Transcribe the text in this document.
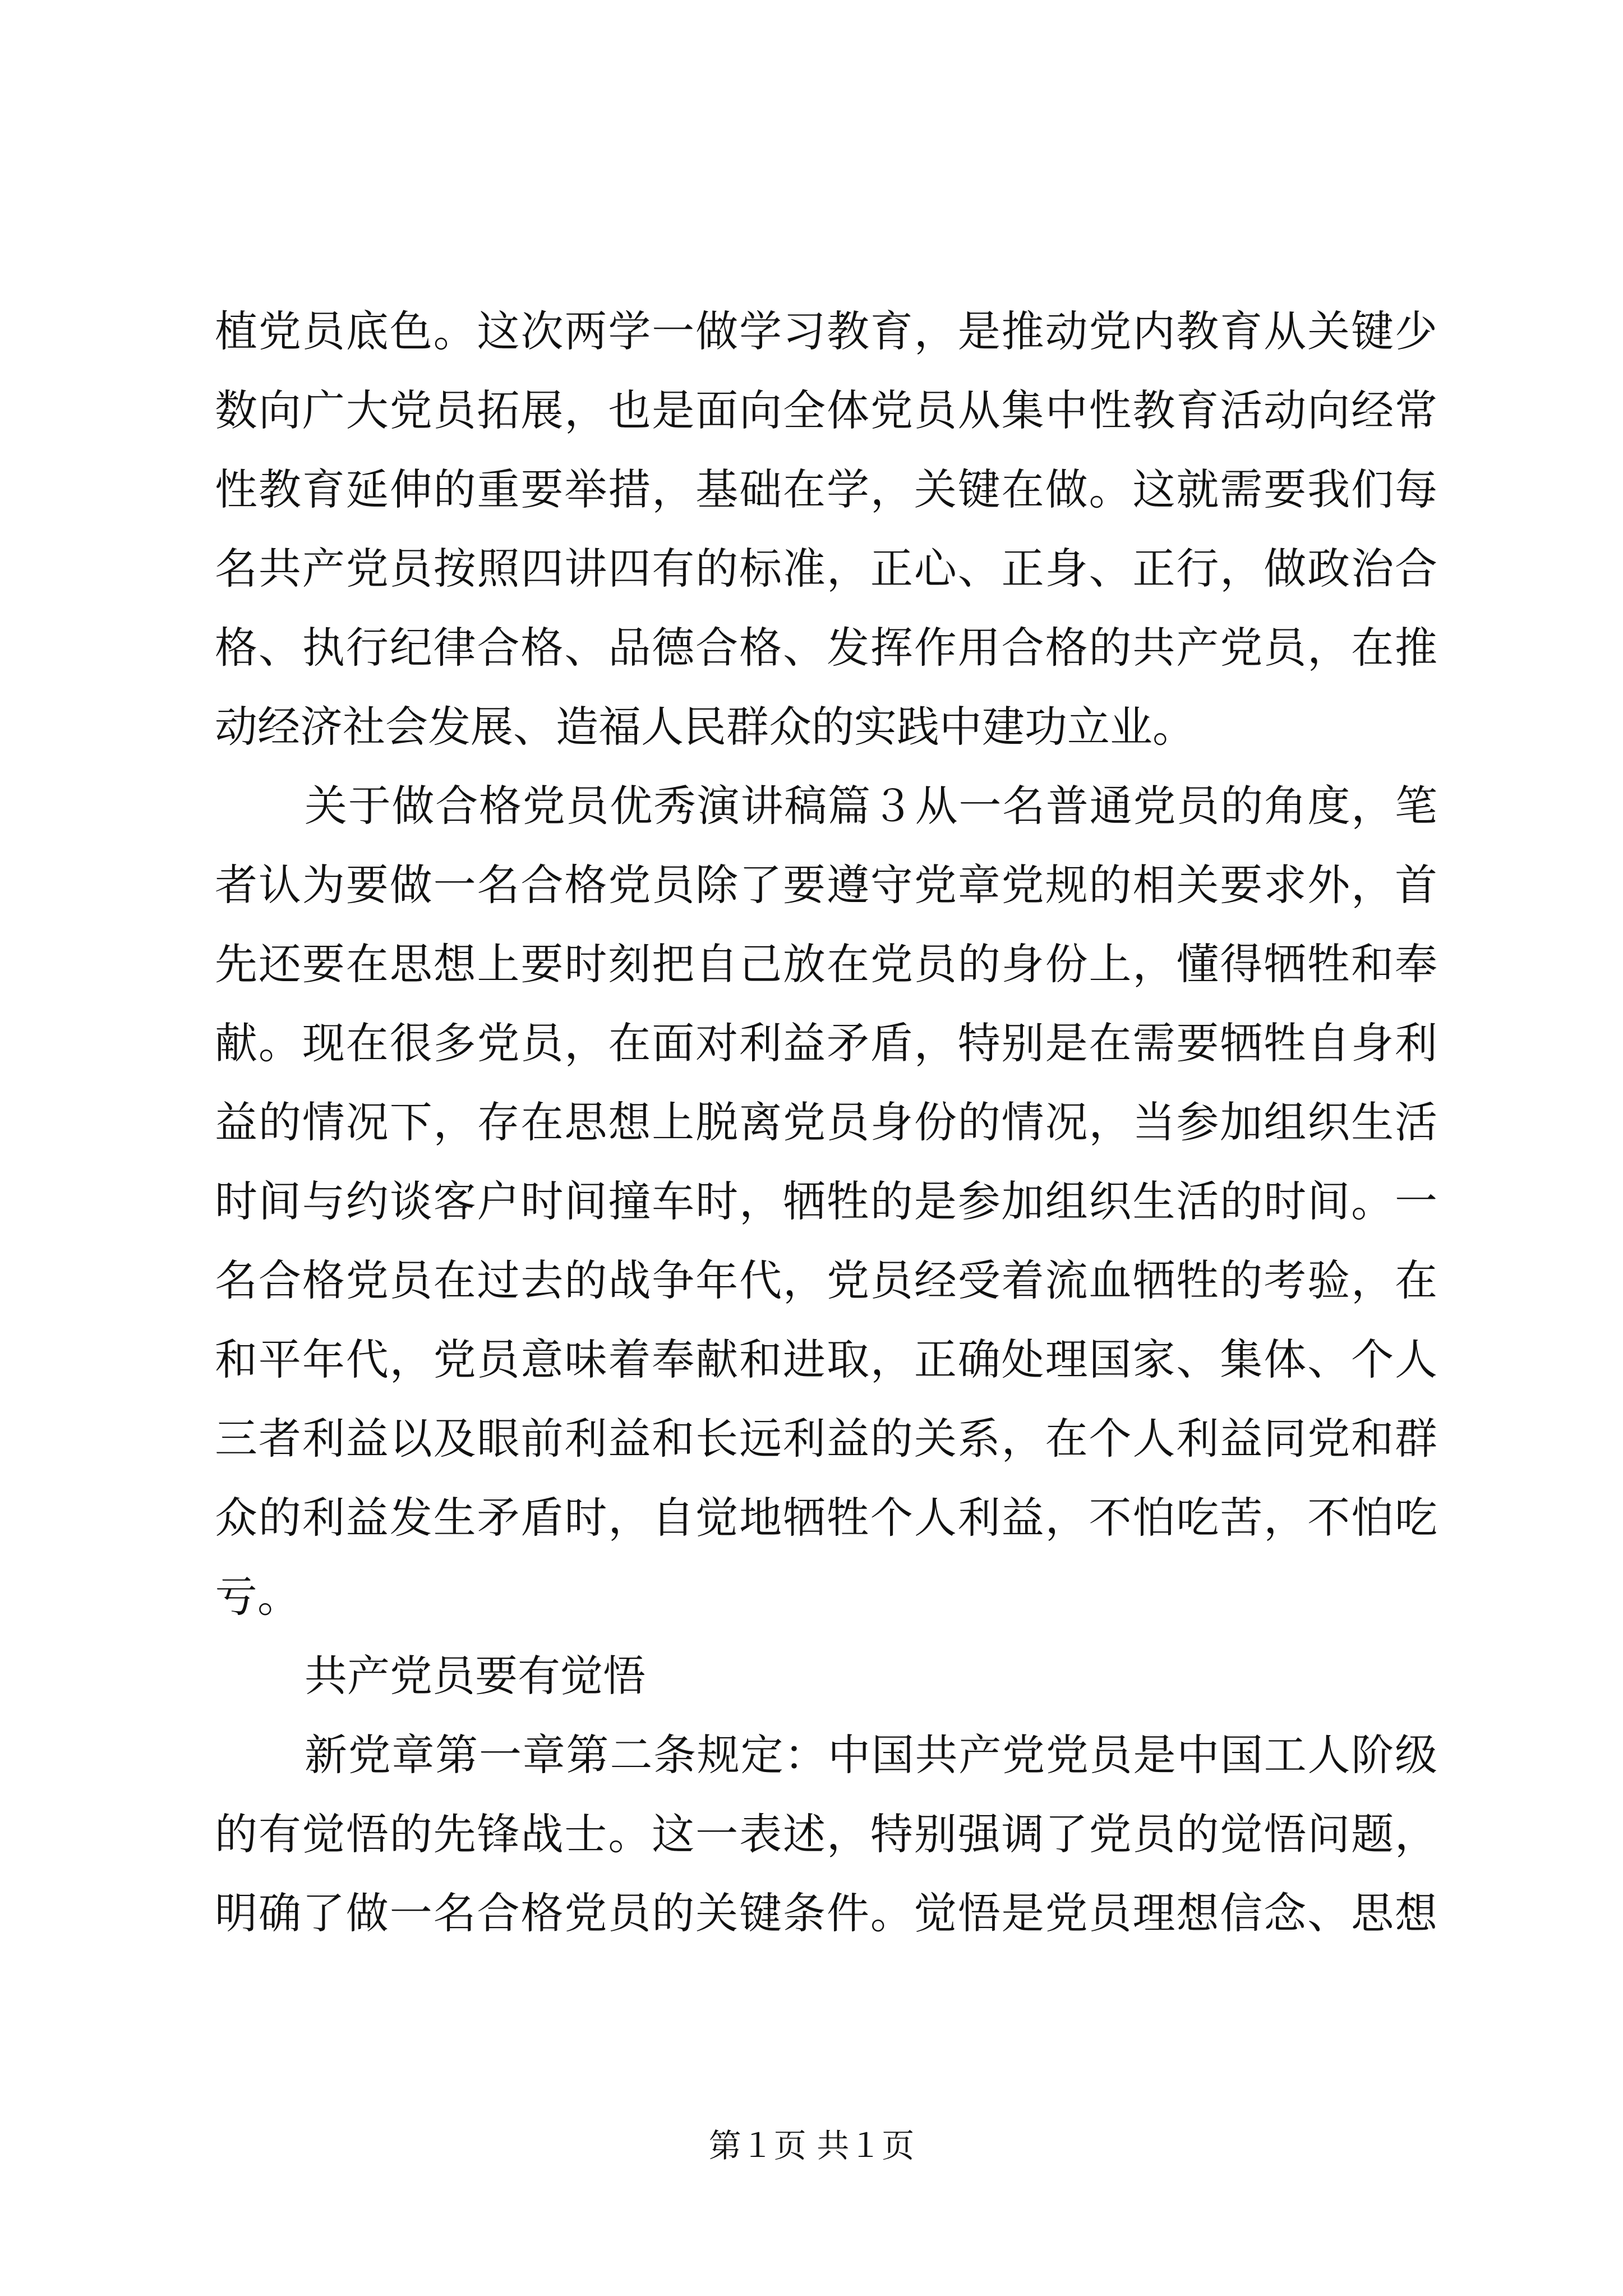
植党员底色。这次两学一做学习教育，是推动党内教育从关键少
数向广大党员拓展，也是面向全体党员从集中性教育活动向经常
性教育延伸的重要举措，基础在学，关键在做。这就需要我们每
名共产党员按照四讲四有的标准，正心、正身、正行，做政治合
格、执行纪律合格、品德合格、发挥作用合格的共产党员，在推
动经济社会发展、造福人民群众的实践中建功立业。
关于做合格党员优秀演讲稿篇３从一名普通党员的角度，笔
者认为要做一名合格党员除了要遵守党章党规的相关要求外，首
先还要在思想上要时刻把自己放在党员的身份上，懂得牺牲和奉
献。现在很多党员，在面对利益矛盾，特别是在需要牺牲自身利
益的情况下，存在思想上脱离党员身份的情况，当参加组织生活
时间与约谈客户时间撞车时，牺牲的是参加组织生活的时间。一
名合格党员在过去的战争年代，党员经受着流血牺牲的考验，在
和平年代，党员意味着奉献和进取，正确处理国家、集体、个人
三者利益以及眼前利益和长远利益的关系，在个人利益同党和群
众的利益发生矛盾时，自觉地牺牲个人利益，不怕吃苦，不怕吃
亏。
共产党员要有觉悟
新党章第一章第二条规定：中国共产党党员是中国工人阶级
的有觉悟的先锋战士。这一表述，特别强调了党员的觉悟问题，
明确了做一名合格党员的关键条件。觉悟是党员理想信念、思想
第１页 共１页
